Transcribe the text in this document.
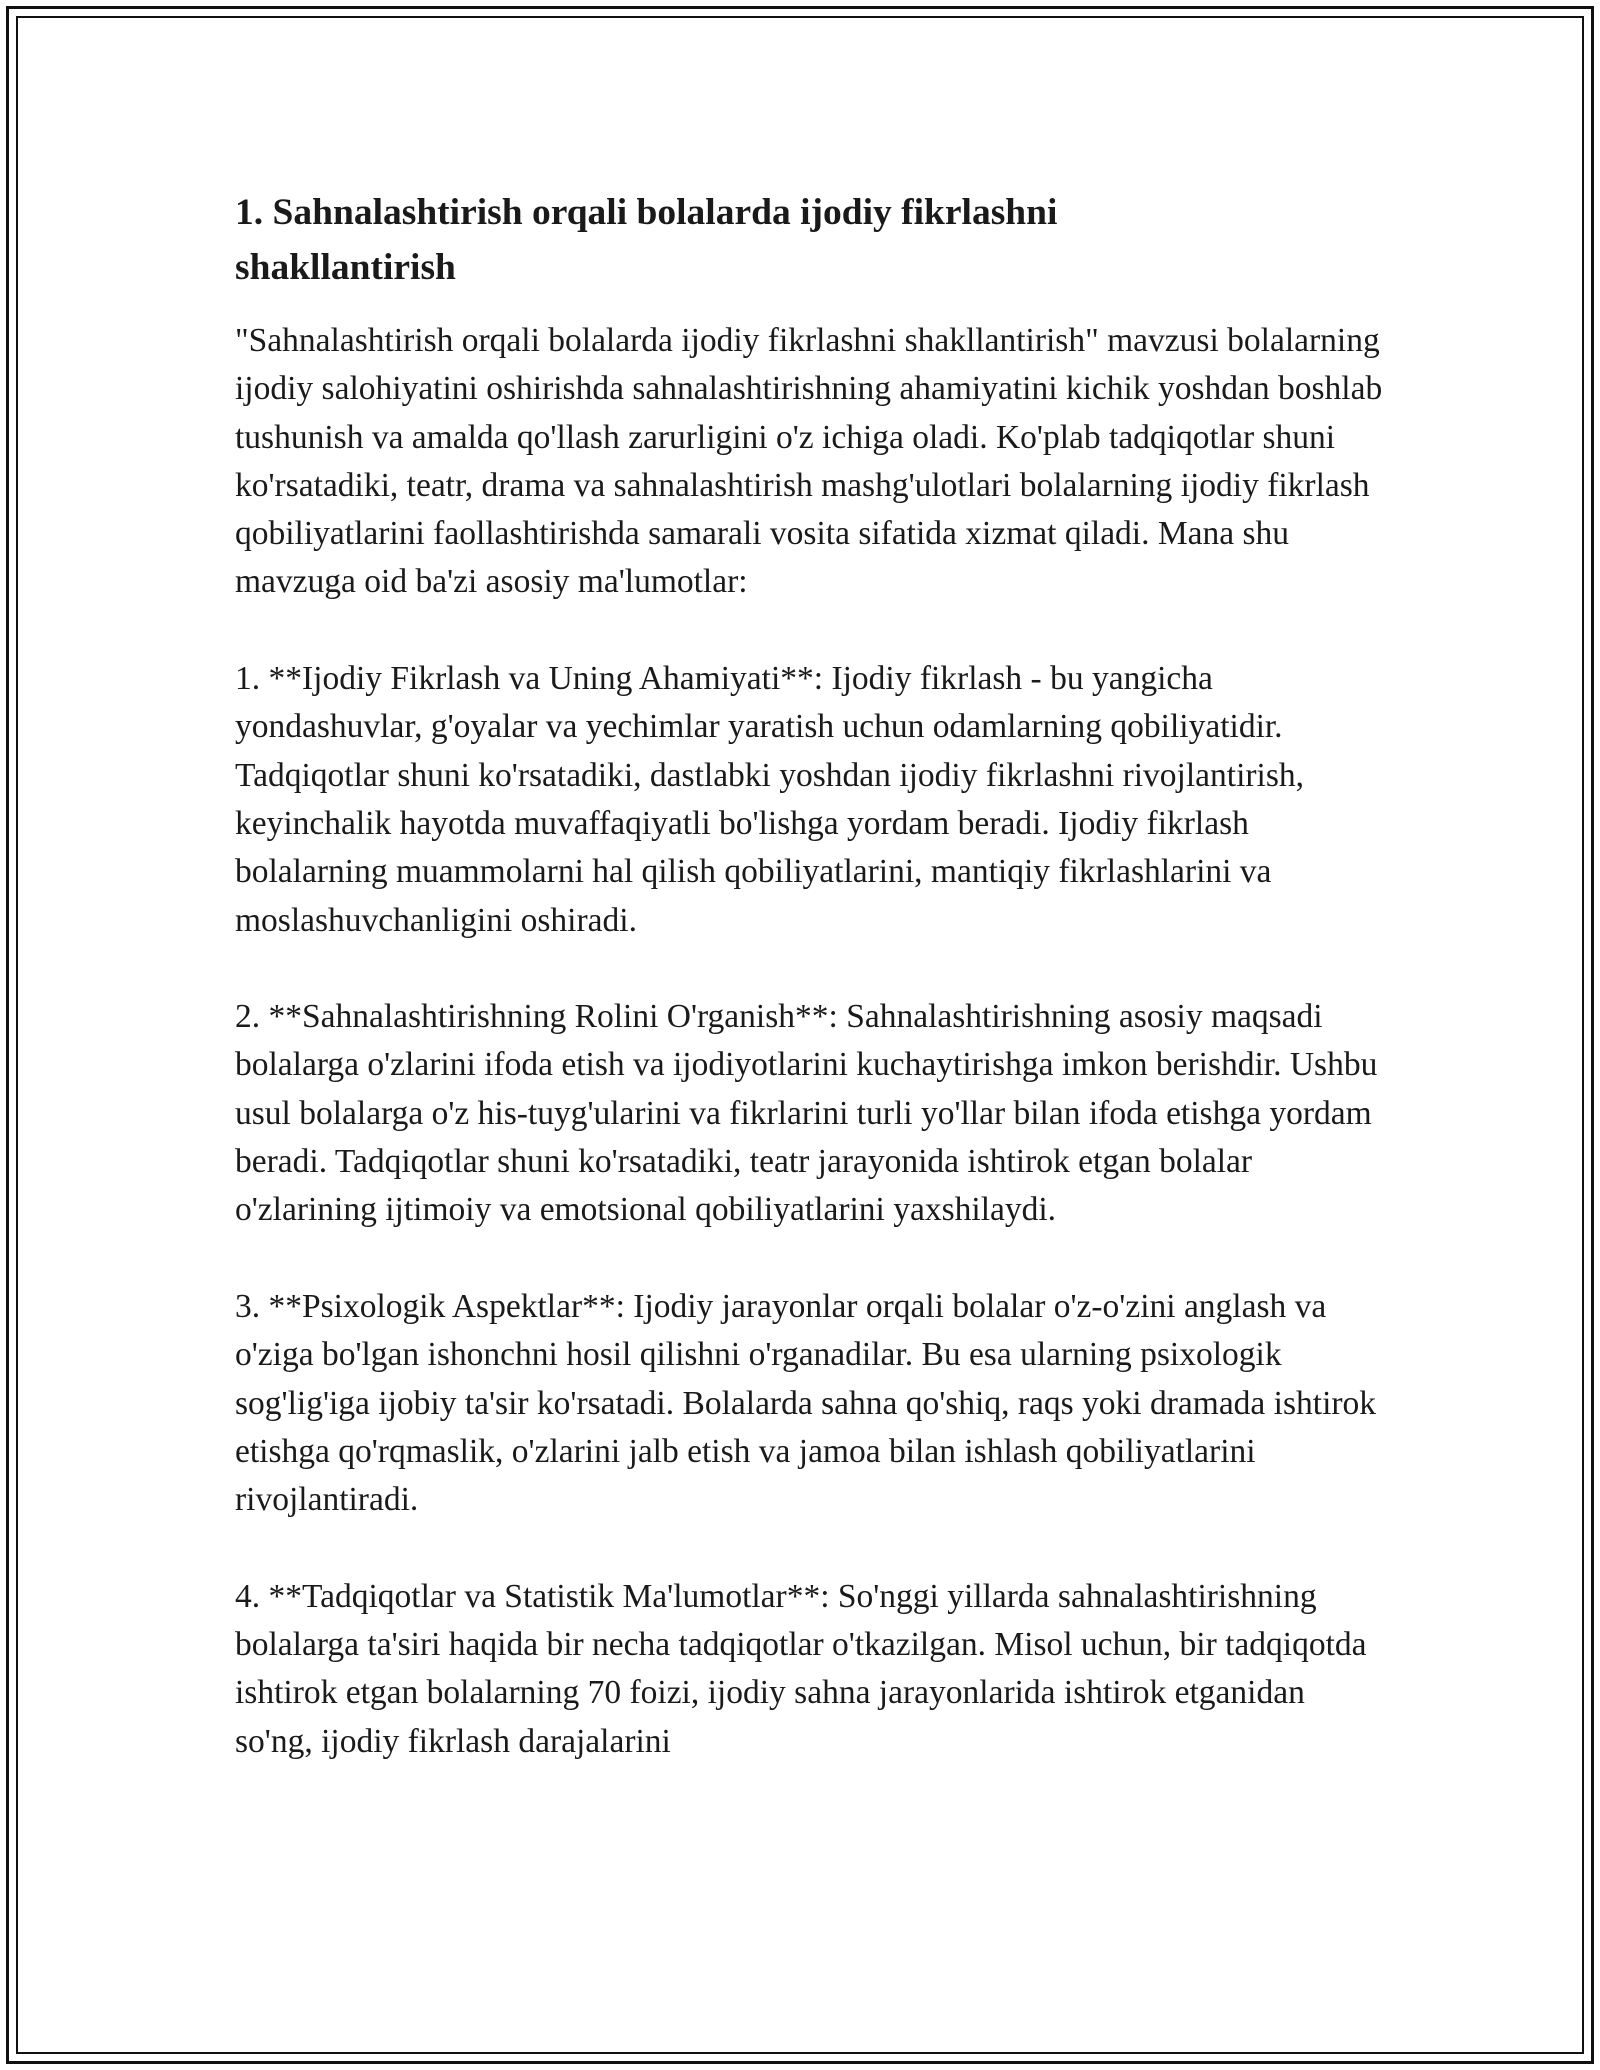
1. Sahnalashtirish orqali bolalarda ijodiy fikrlashni shakllantirish

"Sahnalashtirish orqali bolalarda ijodiy fikrlashni shakllantirish" mavzusi bolalarning ijodiy salohiyatini oshirishda sahnalashtirishning ahamiyatini kichik yoshdan boshlab tushunish va amalda qo'llash zarurligini o'z ichiga oladi. Ko'plab tadqiqotlar shuni ko'rsatadiki, teatr, drama va sahnalashtirish mashg'ulotlari bolalarning ijodiy fikrlash qobiliyatlarini faollashtirishda samarali vosita sifatida xizmat qiladi. Mana shu mavzuga oid ba'zi asosiy ma'lumotlar:

1. **Ijodiy Fikrlash va Uning Ahamiyati**: Ijodiy fikrlash - bu yangicha yondashuvlar, g'oyalar va yechimlar yaratish uchun odamlarning qobiliyatidir. Tadqiqotlar shuni ko'rsatadiki, dastlabki yoshdan ijodiy fikrlashni rivojlantirish, keyinchalik hayotda muvaffaqiyatli bo'lishga yordam beradi. Ijodiy fikrlash bolalarning muammolarni hal qilish qobiliyatlarini, mantiqiy fikrlashlarini va moslashuvchanligini oshiradi.

2. **Sahnalashtirishning Rolini O'rganish**: Sahnalashtirishning asosiy maqsadi bolalarga o'zlarini ifoda etish va ijodiyotlarini kuchaytirishga imkon berishdir. Ushbu usul bolalarga o'z his-tuyg'ularini va fikrlarini turli yo'llar bilan ifoda etishga yordam beradi. Tadqiqotlar shuni ko'rsatadiki, teatr jarayonida ishtirok etgan bolalar o'zlarining ijtimoiy va emotsional qobiliyatlarini yaxshilaydi.

3. **Psixologik Aspektlar**: Ijodiy jarayonlar orqali bolalar o'z-o'zini anglash va o'ziga bo'lgan ishonchni hosil qilishni o'rganadilar. Bu esa ularning psixologik sog'lig'iga ijobiy ta'sir ko'rsatadi. Bolalarda sahna qo'shiq, raqs yoki dramada ishtirok etishga qo'rqmaslik, o'zlarini jalb etish va jamoa bilan ishlash qobiliyatlarini rivojlantiradi.

4. **Tadqiqotlar va Statistik Ma'lumotlar**: So'nggi yillarda sahnalashtirishning bolalarga ta'siri haqida bir necha tadqiqotlar o'tkazilgan. Misol uchun, bir tadqiqotda ishtirok etgan bolalarning 70 foizi, ijodiy sahna jarayonlarida ishtirok etganidan so'ng, ijodiy fikrlash darajalarini
